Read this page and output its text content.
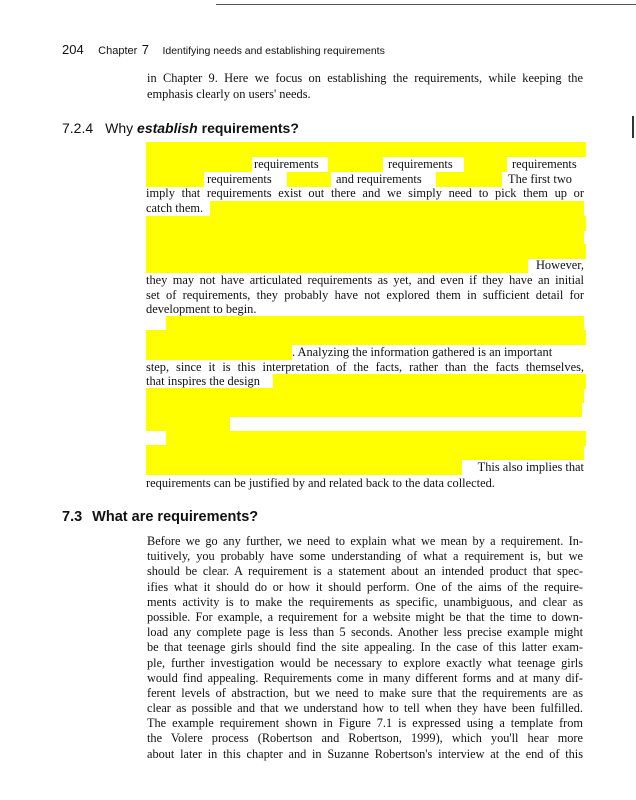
204 Chapter 7 Identifying needs and establishing requirements
in Chapter 9. Here we focus on establishing the requirements, while keeping the
emphasis clearly on users' needs.
7.2.4 Why establish requirements?
requirements	requirements	requirements
requirements	and requirements	The first two
imply that requirements exist out there and we simply need to pick them up or
catch them.
However,
they may not have articulated requirements as yet, and even if they have an initial
set of requirements, they probably have not explored them in sufficient detail for
development to begin.
. Analyzing the information gathered is an important
step, since it is this interpretation of the facts, rather than the facts themselves,
that inspires the design
This also implies that
requirements can be justified by and related back to the data collected.
7.3 What are requirements?
Before we go any further, we need to explain what we mean by a requirement. In-
tuitively, you probably have some understanding of what a requirement is, but we
should be clear. A requirement is a statement about an intended product that spec-
ifies what it should do or how it should perform. One of the aims of the require-
ments activity is to make the requirements as specific, unambiguous, and clear as
possible. For example, a requirement for a website might be that the time to down-
load any complete page is less than 5 seconds. Another less precise example might
be that teenage girls should find the site appealing. In the case of this latter exam-
ple, further investigation would be necessary to explore exactly what teenage girls
would find appealing. Requirements come in many different forms and at many dif-
ferent levels of abstraction, but we need to make sure that the requirements are as
clear as possible and that we understand how to tell when they have been fulfilled.
The example requirement shown in Figure 7.1 is expressed using a template from
the Volere process (Robertson and Robertson, 1999), which you'll hear more
about later in this chapter and in Suzanne Robertson's interview at the end of this
